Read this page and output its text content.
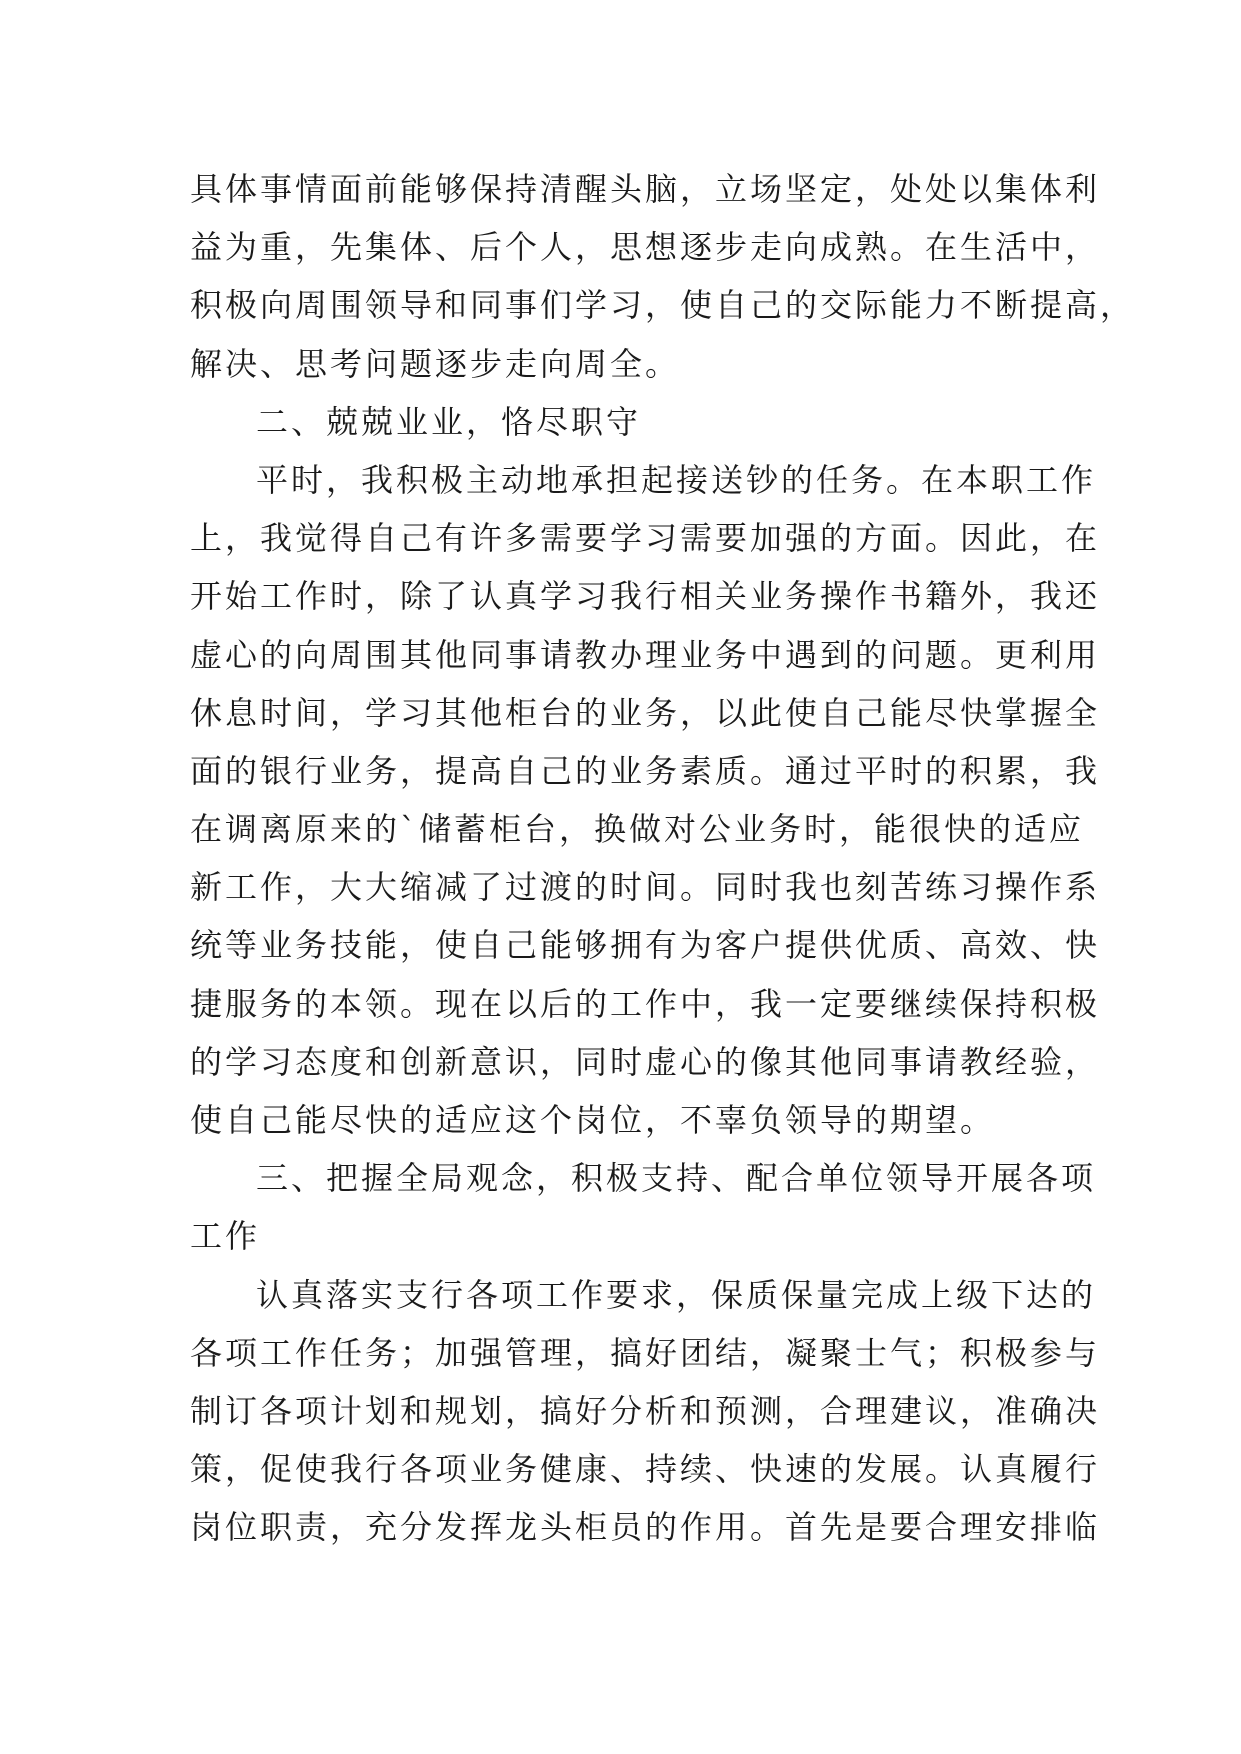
具体事情面前能够保持清醒头脑，立场坚定，处处以集体利
益为重，先集体、后个人，思想逐步走向成熟。在生活中，
积极向周围领导和同事们学习，使自己的交际能力不断提高，
解决、思考问题逐步走向周全。
二、兢兢业业，恪尽职守
平时，我积极主动地承担起接送钞的任务。在本职工作
上，我觉得自己有许多需要学习需要加强的方面。因此，在
开始工作时，除了认真学习我行相关业务操作书籍外，我还
虚心的向周围其他同事请教办理业务中遇到的问题。更利用
休息时间，学习其他柜台的业务，以此使自己能尽快掌握全
面的银行业务，提高自己的业务素质。通过平时的积累，我
在调离原来的`储蓄柜台，换做对公业务时，能很快的适应
新工作，大大缩减了过渡的时间。同时我也刻苦练习操作系
统等业务技能，使自己能够拥有为客户提供优质、高效、快
捷服务的本领。现在以后的工作中，我一定要继续保持积极
的学习态度和创新意识，同时虚心的像其他同事请教经验，
使自己能尽快的适应这个岗位，不辜负领导的期望。
三、把握全局观念，积极支持、配合单位领导开展各项
工作
认真落实支行各项工作要求，保质保量完成上级下达的
各项工作任务；加强管理，搞好团结，凝聚士气；积极参与
制订各项计划和规划，搞好分析和预测，合理建议，准确决
策，促使我行各项业务健康、持续、快速的发展。认真履行
岗位职责，充分发挥龙头柜员的作用。首先是要合理安排临
